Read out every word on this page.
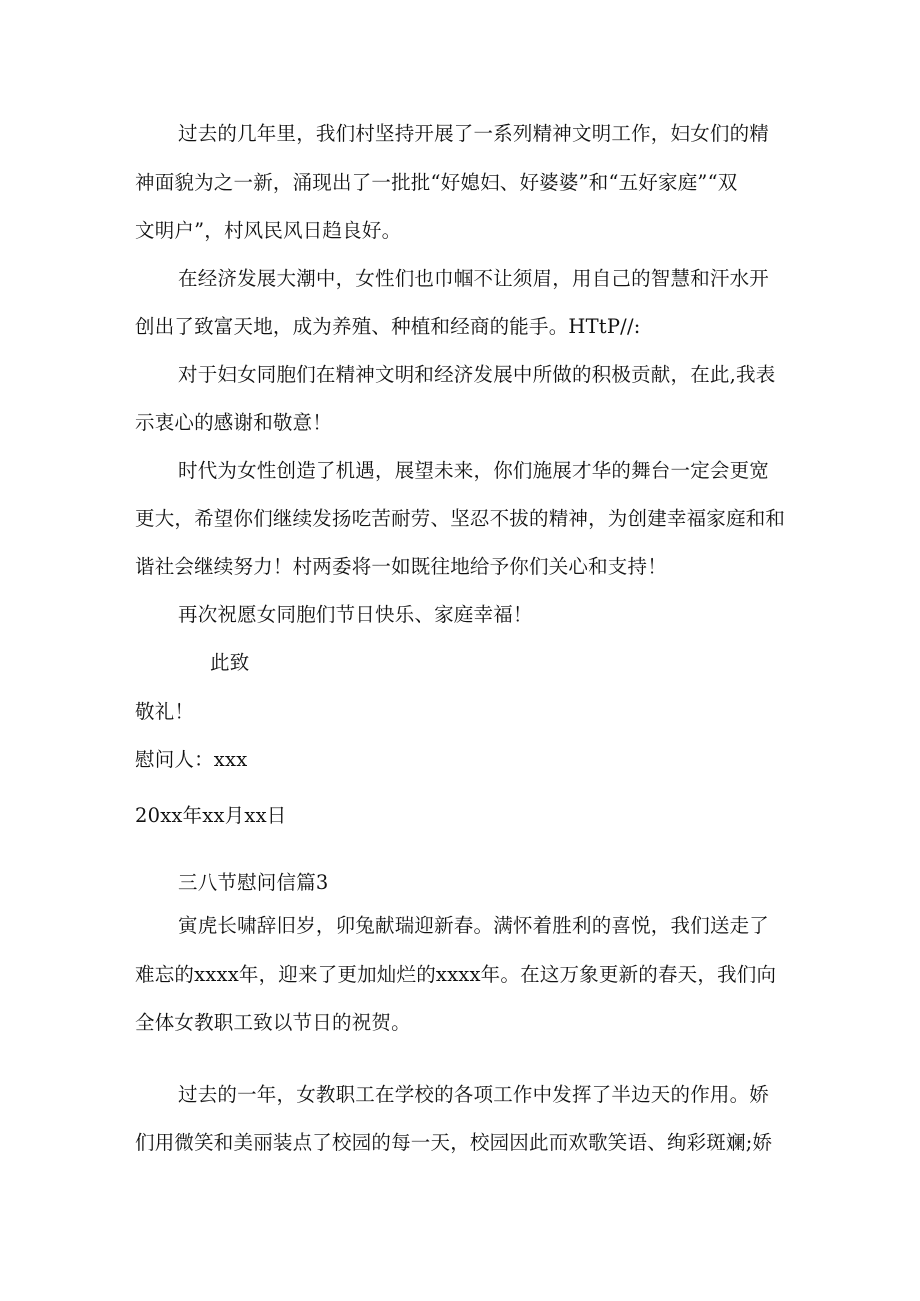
过去的几年里，我们村坚持开展了一系列精神文明工作，妇女们的精
神面貌为之一新，涌现出了一批批“好媳妇、好婆婆”和“五好家庭”“双
文明户”，村风民风日趋良好。
在经济发展大潮中，女性们也巾帼不让须眉，用自己的智慧和汗水开
创出了致富天地，成为养殖、种植和经商的能手。HTtP//:
对于妇女同胞们在精神文明和经济发展中所做的积极贡献，在此,我表
示衷心的感谢和敬意！
时代为女性创造了机遇，展望未来，你们施展才华的舞台一定会更宽
更大，希望你们继续发扬吃苦耐劳、坚忍不拔的精神，为创建幸福家庭和和
谐社会继续努力！村两委将一如既往地给予你们关心和支持！
再次祝愿女同胞们节日快乐、家庭幸福！
此致
敬礼！
慰问人：xxx
20xx年xx月xx日
三八节慰问信篇3
寅虎长啸辞旧岁，卯兔献瑞迎新春。满怀着胜利的喜悦，我们送走了
难忘的xxxx年，迎来了更加灿烂的xxxx年。在这万象更新的春天，我们向
全体女教职工致以节日的祝贺。
过去的一年，女教职工在学校的各项工作中发挥了半边天的作用。娇
们用微笑和美丽装点了校园的每一天，校园因此而欢歌笑语、绚彩斑斓;娇
